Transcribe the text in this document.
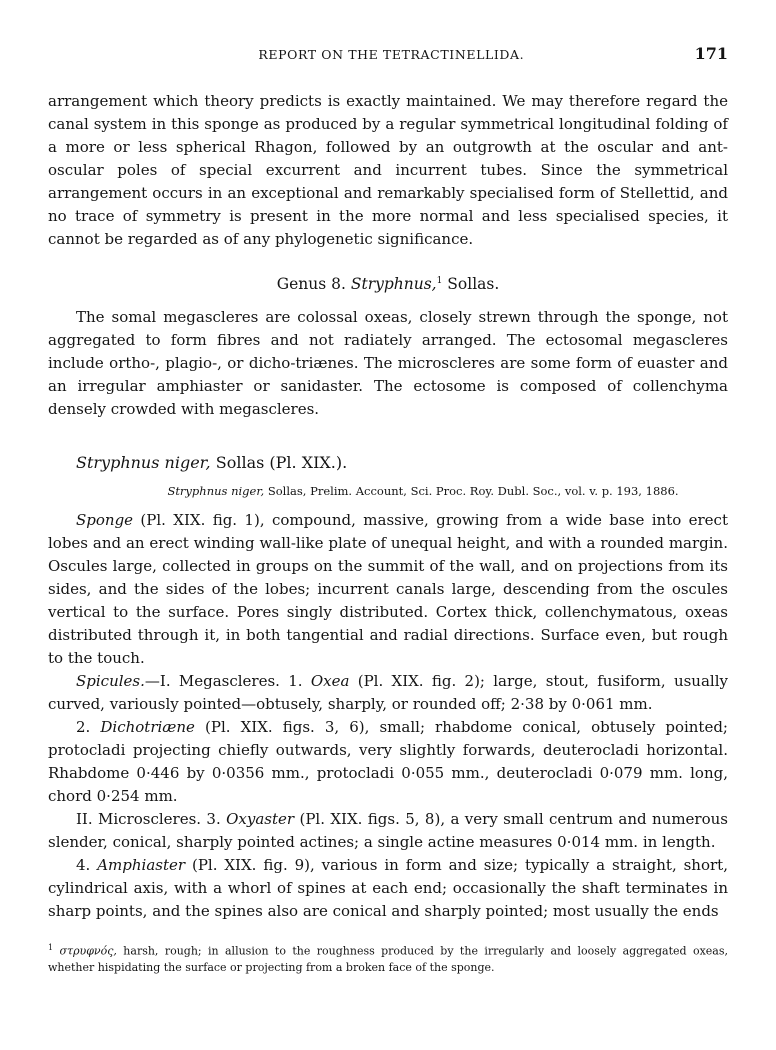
REPORT ON THE TETRACTINELLIDA.	171

arrangement which theory predicts is exactly maintained. We may therefore regard the canal system in this sponge as produced by a regular symmetrical longitudinal folding of a more or less spherical Rhagon, followed by an outgrowth at the oscular and ant-oscular poles of special excurrent and incurrent tubes. Since the symmetrical arrangement occurs in an exceptional and remarkably specialised form of Stellettid, and no trace of symmetry is present in the more normal and less specialised species, it cannot be regarded as of any phylogenetic significance.

Genus 8. Stryphnus,$^1$ Sollas.

The somal megascleres are colossal oxeas, closely strewn through the sponge, not aggregated to form fibres and not radiately arranged. The ectosomal megascleres include ortho-, plagio-, or dicho-triænes. The microscleres are some form of euaster and an irregular amphiaster or sanidaster. The ectosome is composed of collenchyma densely crowded with megascleres.

Stryphnus niger, Sollas (Pl. XIX.).
Stryphnus niger, Sollas, Prelim. Account, Sci. Proc. Roy. Dubl. Soc., vol. v. p. 193, 1886.

Sponge (Pl. XIX. fig. 1), compound, massive, growing from a wide base into erect lobes and an erect winding wall-like plate of unequal height, and with a rounded margin. Oscules large, collected in groups on the summit of the wall, and on projections from its sides, and the sides of the lobes; incurrent canals large, descending from the oscules vertical to the surface. Pores singly distributed. Cortex thick, collenchymatous, oxeas distributed through it, in both tangential and radial directions. Surface even, but rough to the touch.

Spicules.—I. Megascleres. 1. Oxea (Pl. XIX. fig. 2); large, stout, fusiform, usually curved, variously pointed—obtusely, sharply, or rounded off; 2·38 by 0·061 mm.

2. Dichotriæne (Pl. XIX. figs. 3, 6), small; rhabdome conical, obtusely pointed; protocladi projecting chiefly outwards, very slightly forwards, deuterocladi horizontal. Rhabdome 0·446 by 0·0356 mm., protocladi 0·055 mm., deuterocladi 0·079 mm. long, chord 0·254 mm.

II. Microscleres. 3. Oxyaster (Pl. XIX. figs. 5, 8), a very small centrum and numerous slender, conical, sharply pointed actines; a single actine measures 0·014 mm. in length.

4. Amphiaster (Pl. XIX. fig. 9), various in form and size; typically a straight, short, cylindrical axis, with a whorl of spines at each end; occasionally the shaft terminates in sharp points, and the spines also are conical and sharply pointed; most usually the ends

$^1$ στρυφνός, harsh, rough; in allusion to the roughness produced by the irregularly and loosely aggregated oxeas, whether hispidating the surface or projecting from a broken face of the sponge.
